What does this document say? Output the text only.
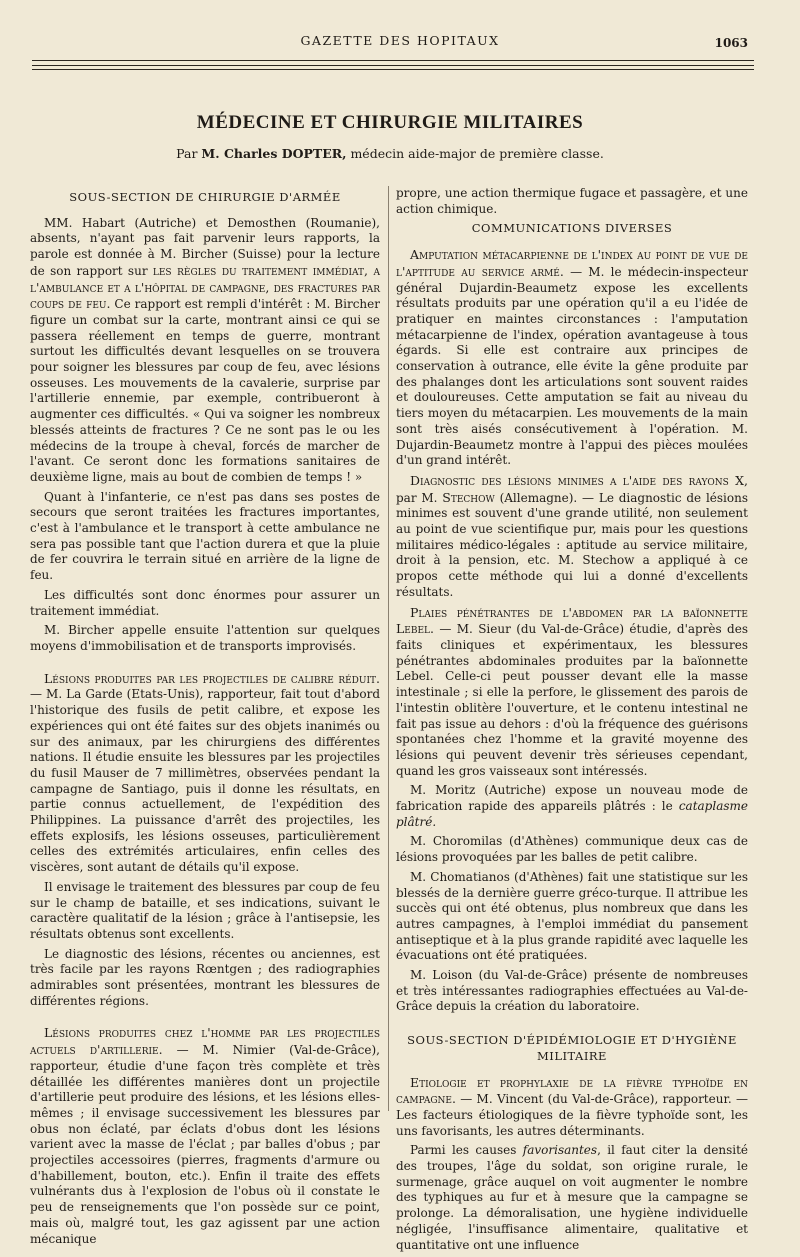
GAZETTE DES HOPITAUX	1063
MÉDECINE ET CHIRURGIE MILITAIRES
Par M. Charles DOPTER, médecin aide-major de première classe.
SOUS-SECTION DE CHIRURGIE D'ARMÉE

MM. Habart (Autriche) et Demosthen (Roumanie), absents, n'ayant pas fait parvenir leurs rapports, la parole est donnée à M. Bircher (Suisse) pour la lecture de son rapport sur les règles du traitement immédiat, a l'ambulance et a l'hôpital de campagne, des fractures par coups de feu. Ce rapport est rempli d'intérêt : M. Bircher figure un combat sur la carte, montrant ainsi ce qui se passera réellement en temps de guerre, montrant surtout les difficultés devant lesquelles on se trouvera pour soigner les blessures par coup de feu, avec lésions osseuses. Les mouvements de la cavalerie, surprise par l'artillerie ennemie, par exemple, contribueront à augmenter ces difficultés. « Qui va soigner les nombreux blessés atteints de fractures ? Ce ne sont pas le ou les médecins de la troupe à cheval, forcés de marcher de l'avant. Ce seront donc les formations sanitaires de deuxième ligne, mais au bout de combien de temps ! »

Quant à l'infanterie, ce n'est pas dans ses postes de secours que seront traitées les fractures importantes, c'est à l'ambulance et le transport à cette ambulance ne sera pas possible tant que l'action durera et que la pluie de fer couvrira le terrain situé en arrière de la ligne de feu.

Les difficultés sont donc énormes pour assurer un traitement immédiat.

M. Bircher appelle ensuite l'attention sur quelques moyens d'immobilisation et de transports improvisés.

Lésions produites par les projectiles de calibre réduit. — M. La Garde (Etats-Unis), rapporteur, fait tout d'abord l'historique des fusils de petit calibre, et expose les expériences qui ont été faites sur des objets inanimés ou sur des animaux, par les chirurgiens des différentes nations. Il étudie ensuite les blessures par les projectiles du fusil Mauser de 7 millimètres, observées pendant la campagne de Santiago, puis il donne les résultats, en partie connus actuellement, de l'expédition des Philippines. La puissance d'arrêt des projectiles, les effets explosifs, les lésions osseuses, particulièrement celles des extrémités articulaires, enfin celles des viscères, sont autant de détails qu'il expose.

Il envisage le traitement des blessures par coup de feu sur le champ de bataille, et ses indications, suivant le caractère qualitatif de la lésion ; grâce à l'antisepsie, les résultats obtenus sont excellents.

Le diagnostic des lésions, récentes ou anciennes, est très facile par les rayons Rœntgen ; des radiographies admirables sont présentées, montrant les blessures de différentes régions.

Lésions produites chez l'homme par les projectiles actuels d'artillerie. — M. Nimier (Val-de-Grâce), rapporteur, étudie d'une façon très complète et très détaillée les différentes manières dont un projectile d'artillerie peut produire des lésions, et les lésions elles-mêmes ; il envisage successivement les blessures par obus non éclaté, par éclats d'obus dont les lésions varient avec la masse de l'éclat ; par balles d'obus ; par projectiles accessoires (pierres, fragments d'armure ou d'habillement, bouton, etc.). Enfin il traite des effets vulnérants dus à l'explosion de l'obus où il constate le peu de renseignements que l'on possède sur ce point, mais où, malgré tout, les gaz agissent par une action mécanique

propre, une action thermique fugace et passagère, et une action chimique.

COMMUNICATIONS DIVERSES

Amputation métacarpienne de l'index au point de vue de l'aptitude au service armé. — M. le médecin-inspecteur général Dujardin-Beaumetz expose les excellents résultats produits par une opération qu'il a eu l'idée de pratiquer en maintes circonstances : l'amputation métacarpienne de l'index, opération avantageuse à tous égards. Si elle est contraire aux principes de conservation à outrance, elle évite la gêne produite par des phalanges dont les articulations sont souvent raides et douloureuses. Cette amputation se fait au niveau du tiers moyen du métacarpien. Les mouvements de la main sont très aisés consécutivement à l'opération. M. Dujardin-Beaumetz montre à l'appui des pièces moulées d'un grand intérêt.

Diagnostic des lésions minimes a l'aide des rayons X, par M. Stechow (Allemagne). — Le diagnostic de lésions minimes est souvent d'une grande utilité, non seulement au point de vue scientifique pur, mais pour les questions militaires médico-légales : aptitude au service militaire, droit à la pension, etc. M. Stechow a appliqué à ce propos cette méthode qui lui a donné d'excellents résultats.

Plaies pénétrantes de l'abdomen par la baïonnette Lebel. — M. Sieur (du Val-de-Grâce) étudie, d'après des faits cliniques et expérimentaux, les blessures pénétrantes abdominales produites par la baïonnette Lebel. Celle-ci peut pousser devant elle la masse intestinale ; si elle la perfore, le glissement des parois de l'intestin oblitère l'ouverture, et le contenu intestinal ne fait pas issue au dehors : d'où la fréquence des guérisons spontanées chez l'homme et la gravité moyenne des lésions qui peuvent devenir très sérieuses cependant, quand les gros vaisseaux sont intéressés.

M. Moritz (Autriche) expose un nouveau mode de fabrication rapide des appareils plâtrés : le cataplasme plâtré.

M. Choromilas (d'Athènes) communique deux cas de lésions provoquées par les balles de petit calibre.

M. Chomatianos (d'Athènes) fait une statistique sur les blessés de la dernière guerre gréco-turque. Il attribue les succès qui ont été obtenus, plus nombreux que dans les autres campagnes, à l'emploi immédiat du pansement antiseptique et à la plus grande rapidité avec laquelle les évacuations ont été pratiquées.

M. Loison (du Val-de-Grâce) présente de nombreuses et très intéressantes radiographies effectuées au Val-de-Grâce depuis la création du laboratoire.

SOUS-SECTION D'ÉPIDÉMIOLOGIE ET D'HYGIÈNE MILITAIRE

Etiologie et prophylaxie de la fièvre typhoïde en campagne. — M. Vincent (du Val-de-Grâce), rapporteur. — Les facteurs étiologiques de la fièvre typhoïde sont, les uns favorisants, les autres déterminants.

Parmi les causes favorisantes, il faut citer la densité des troupes, l'âge du soldat, son origine rurale, le surmenage, grâce auquel on voit augmenter le nombre des typhiques au fur et à mesure que la campagne se prolonge. La démoralisation, une hygiène individuelle négligée, l'insuffisance alimentaire, qualitative et quantitative ont une influence
